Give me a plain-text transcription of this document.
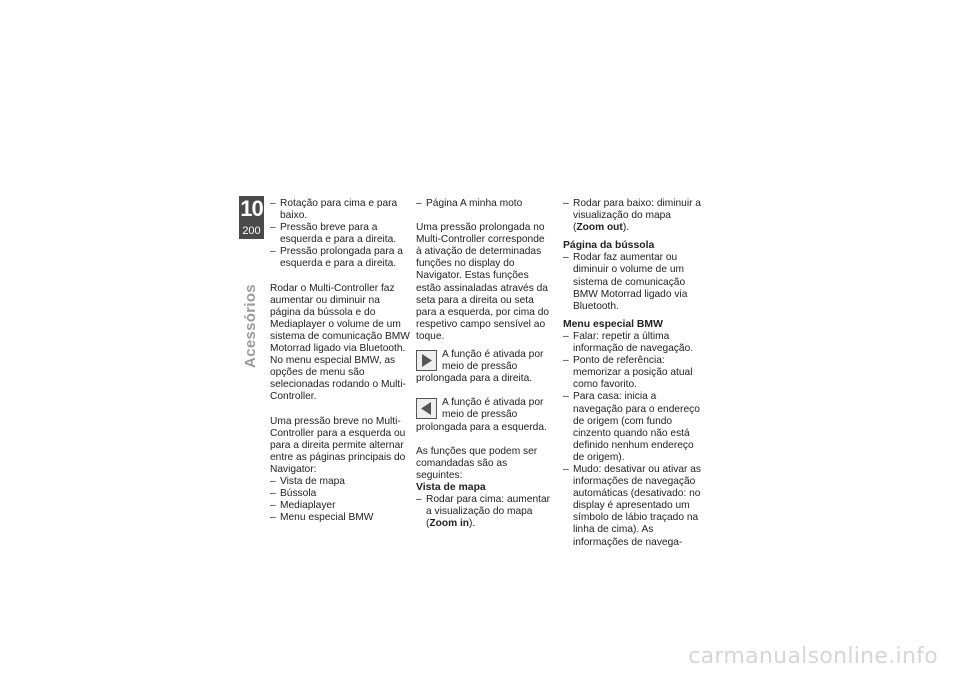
10
200
Acessórios
– Rotação para cima e para baixo.
– Pressão breve para a esquerda e para a direita.
– Pressão prolongada para a esquerda e para a direita.

Rodar o Multi-Controller faz aumentar ou diminuir na página da bússola e do Mediaplayer o volume de um sistema de comunicação BMW Motorrad ligado via Bluetooth.

No menu especial BMW, as opções de menu são selecionadas rodando o Multi-Controller.

Uma pressão breve no Multi-Controller para a esquerda ou para a direita permite alternar entre as páginas principais do Navigator:

– Vista de mapa
– Bússola
– Mediaplayer
– Menu especial BMW
– Página A minha moto

Uma pressão prolongada no Multi-Controller corresponde à ativação de determinadas funções no display do Navigator. Estas funções estão assinaladas através da seta para a direita ou seta para a esquerda, por cima do respetivo campo sensível ao toque.

A função é ativada por meio de pressão prolongada para a direita.
A função é ativada por meio de pressão prolongada para a esquerda.

As funções que podem ser comandadas são as seguintes:

Vista de mapa

– Rodar para cima: aumentar a visualização do mapa (Zoom in).
– Rodar para baixo: diminuir a visualização do mapa (Zoom out).

Página da bússola

– Rodar faz aumentar ou diminuir o volume de um sistema de comunicação BMW Motorrad ligado via Bluetooth.

Menu especial BMW

– Falar: repetir a última informação de navegação.
– Ponto de referência: memorizar a posição atual como favorito.
– Para casa: inicia a navegação para o endereço de origem (com fundo cinzento quando não está definido nenhum endereço de origem).
– Mudo: desativar ou ativar as informações de navegação automáticas (desativado: no display é apresentado um símbolo de lábio traçado na linha de cima). As informações de navega-
carmanualsonline.info
